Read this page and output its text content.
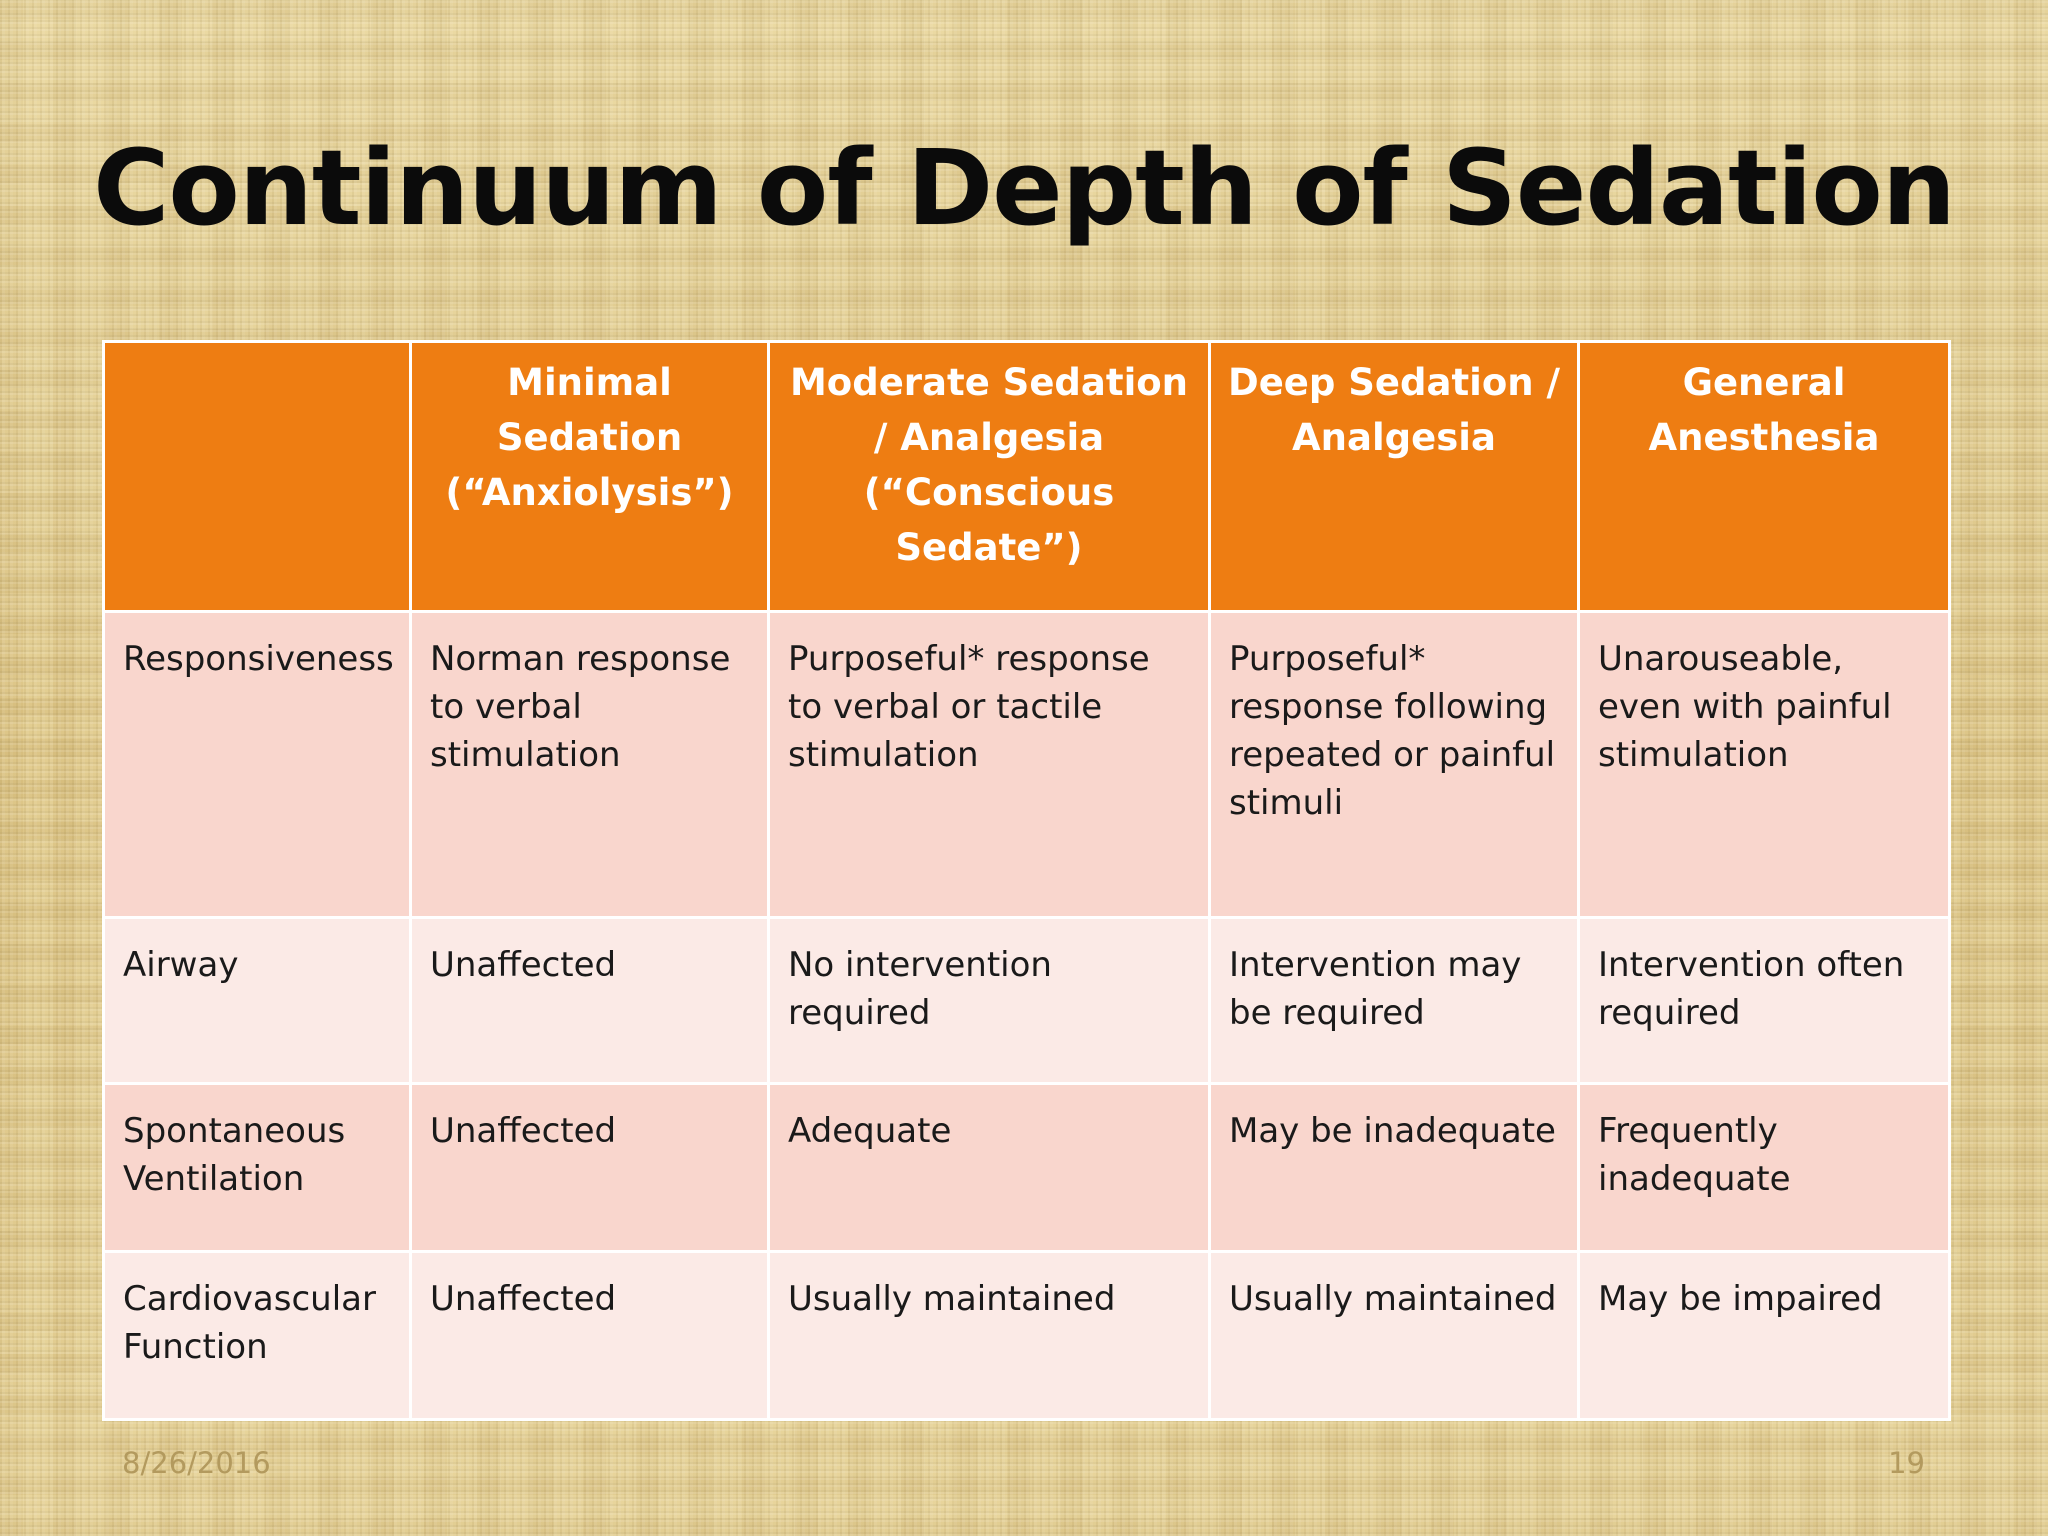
Continuum of Depth of Sedation
	Minimal Sedation (“Anxiolysis”)	Moderate Sedation / Analgesia (“Conscious Sedate”)	Deep Sedation / Analgesia	General Anesthesia
Responsiveness	Norman response to verbal stimulation	Purposeful* response to verbal or tactile stimulation	Purposeful* response following repeated or painful stimuli	Unarouseable, even with painful stimulation
Airway	Unaffected	No intervention required	Intervention may be required	Intervention often required
Spontaneous Ventilation	Unaffected	Adequate	May be inadequate	Frequently inadequate
Cardiovascular Function	Unaffected	Usually maintained	Usually maintained	May be impaired
8/26/2016	19
